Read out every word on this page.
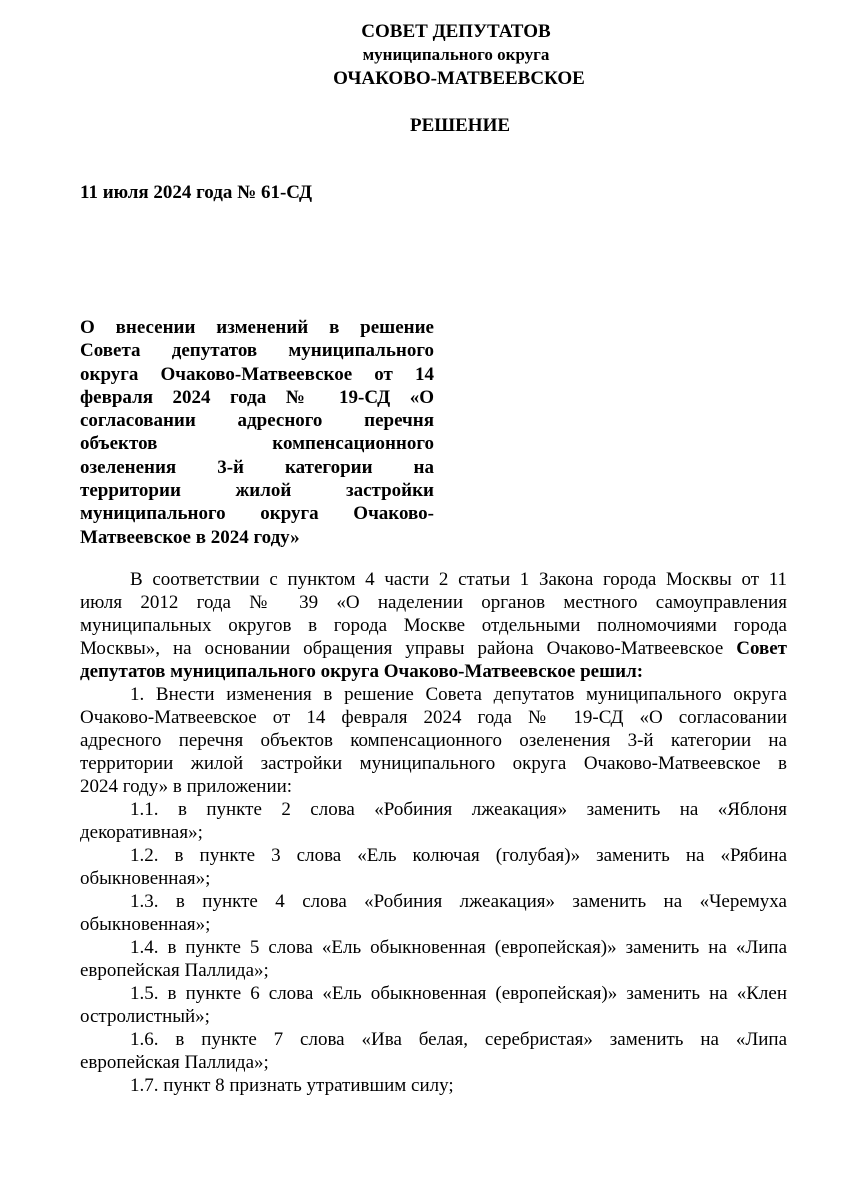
СОВЕТ ДЕПУТАТОВ
муниципального округа
ОЧАКОВО-МАТВЕЕВСКОЕ
РЕШЕНИЕ
11 июля 2024 года № 61-СД
О внесении изменений в решение
Совета депутатов муниципального
округа Очаково-Матвеевское от 14
февраля 2024 года № 19-СД «О
согласовании адресного перечня
объектов компенсационного
озеленения 3-й категории на
территории жилой застройки
муниципального округа Очаково-
Матвеевское в 2024 году»
В соответствии с пунктом 4 части 2 статьи 1 Закона города Москвы от 11
июля 2012 года № 39 «О наделении органов местного самоуправления
муниципальных округов в города Москве отдельными полномочиями города
Москвы», на основании обращения управы района Очаково-Матвеевское Совет
депутатов муниципального округа Очаково-Матвеевское решил:
1. Внести изменения в решение Совета депутатов муниципального округа
Очаково-Матвеевское от 14 февраля 2024 года № 19-СД «О согласовании
адресного перечня объектов компенсационного озеленения 3-й категории на
территории жилой застройки муниципального округа Очаково-Матвеевское в
2024 году» в приложении:
1.1. в пункте 2 слова «Робиния лжеакация» заменить на «Яблоня
декоративная»;
1.2. в пункте 3 слова «Ель колючая (голубая)» заменить на «Рябина
обыкновенная»;
1.3. в пункте 4 слова «Робиния лжеакация» заменить на «Черемуха
обыкновенная»;
1.4. в пункте 5 слова «Ель обыкновенная (европейская)» заменить на «Липа
европейская Паллида»;
1.5. в пункте 6 слова «Ель обыкновенная (европейская)» заменить на «Клен
остролистный»;
1.6. в пункте 7 слова «Ива белая, серебристая» заменить на «Липа
европейская Паллида»;
1.7. пункт 8 признать утратившим силу;
